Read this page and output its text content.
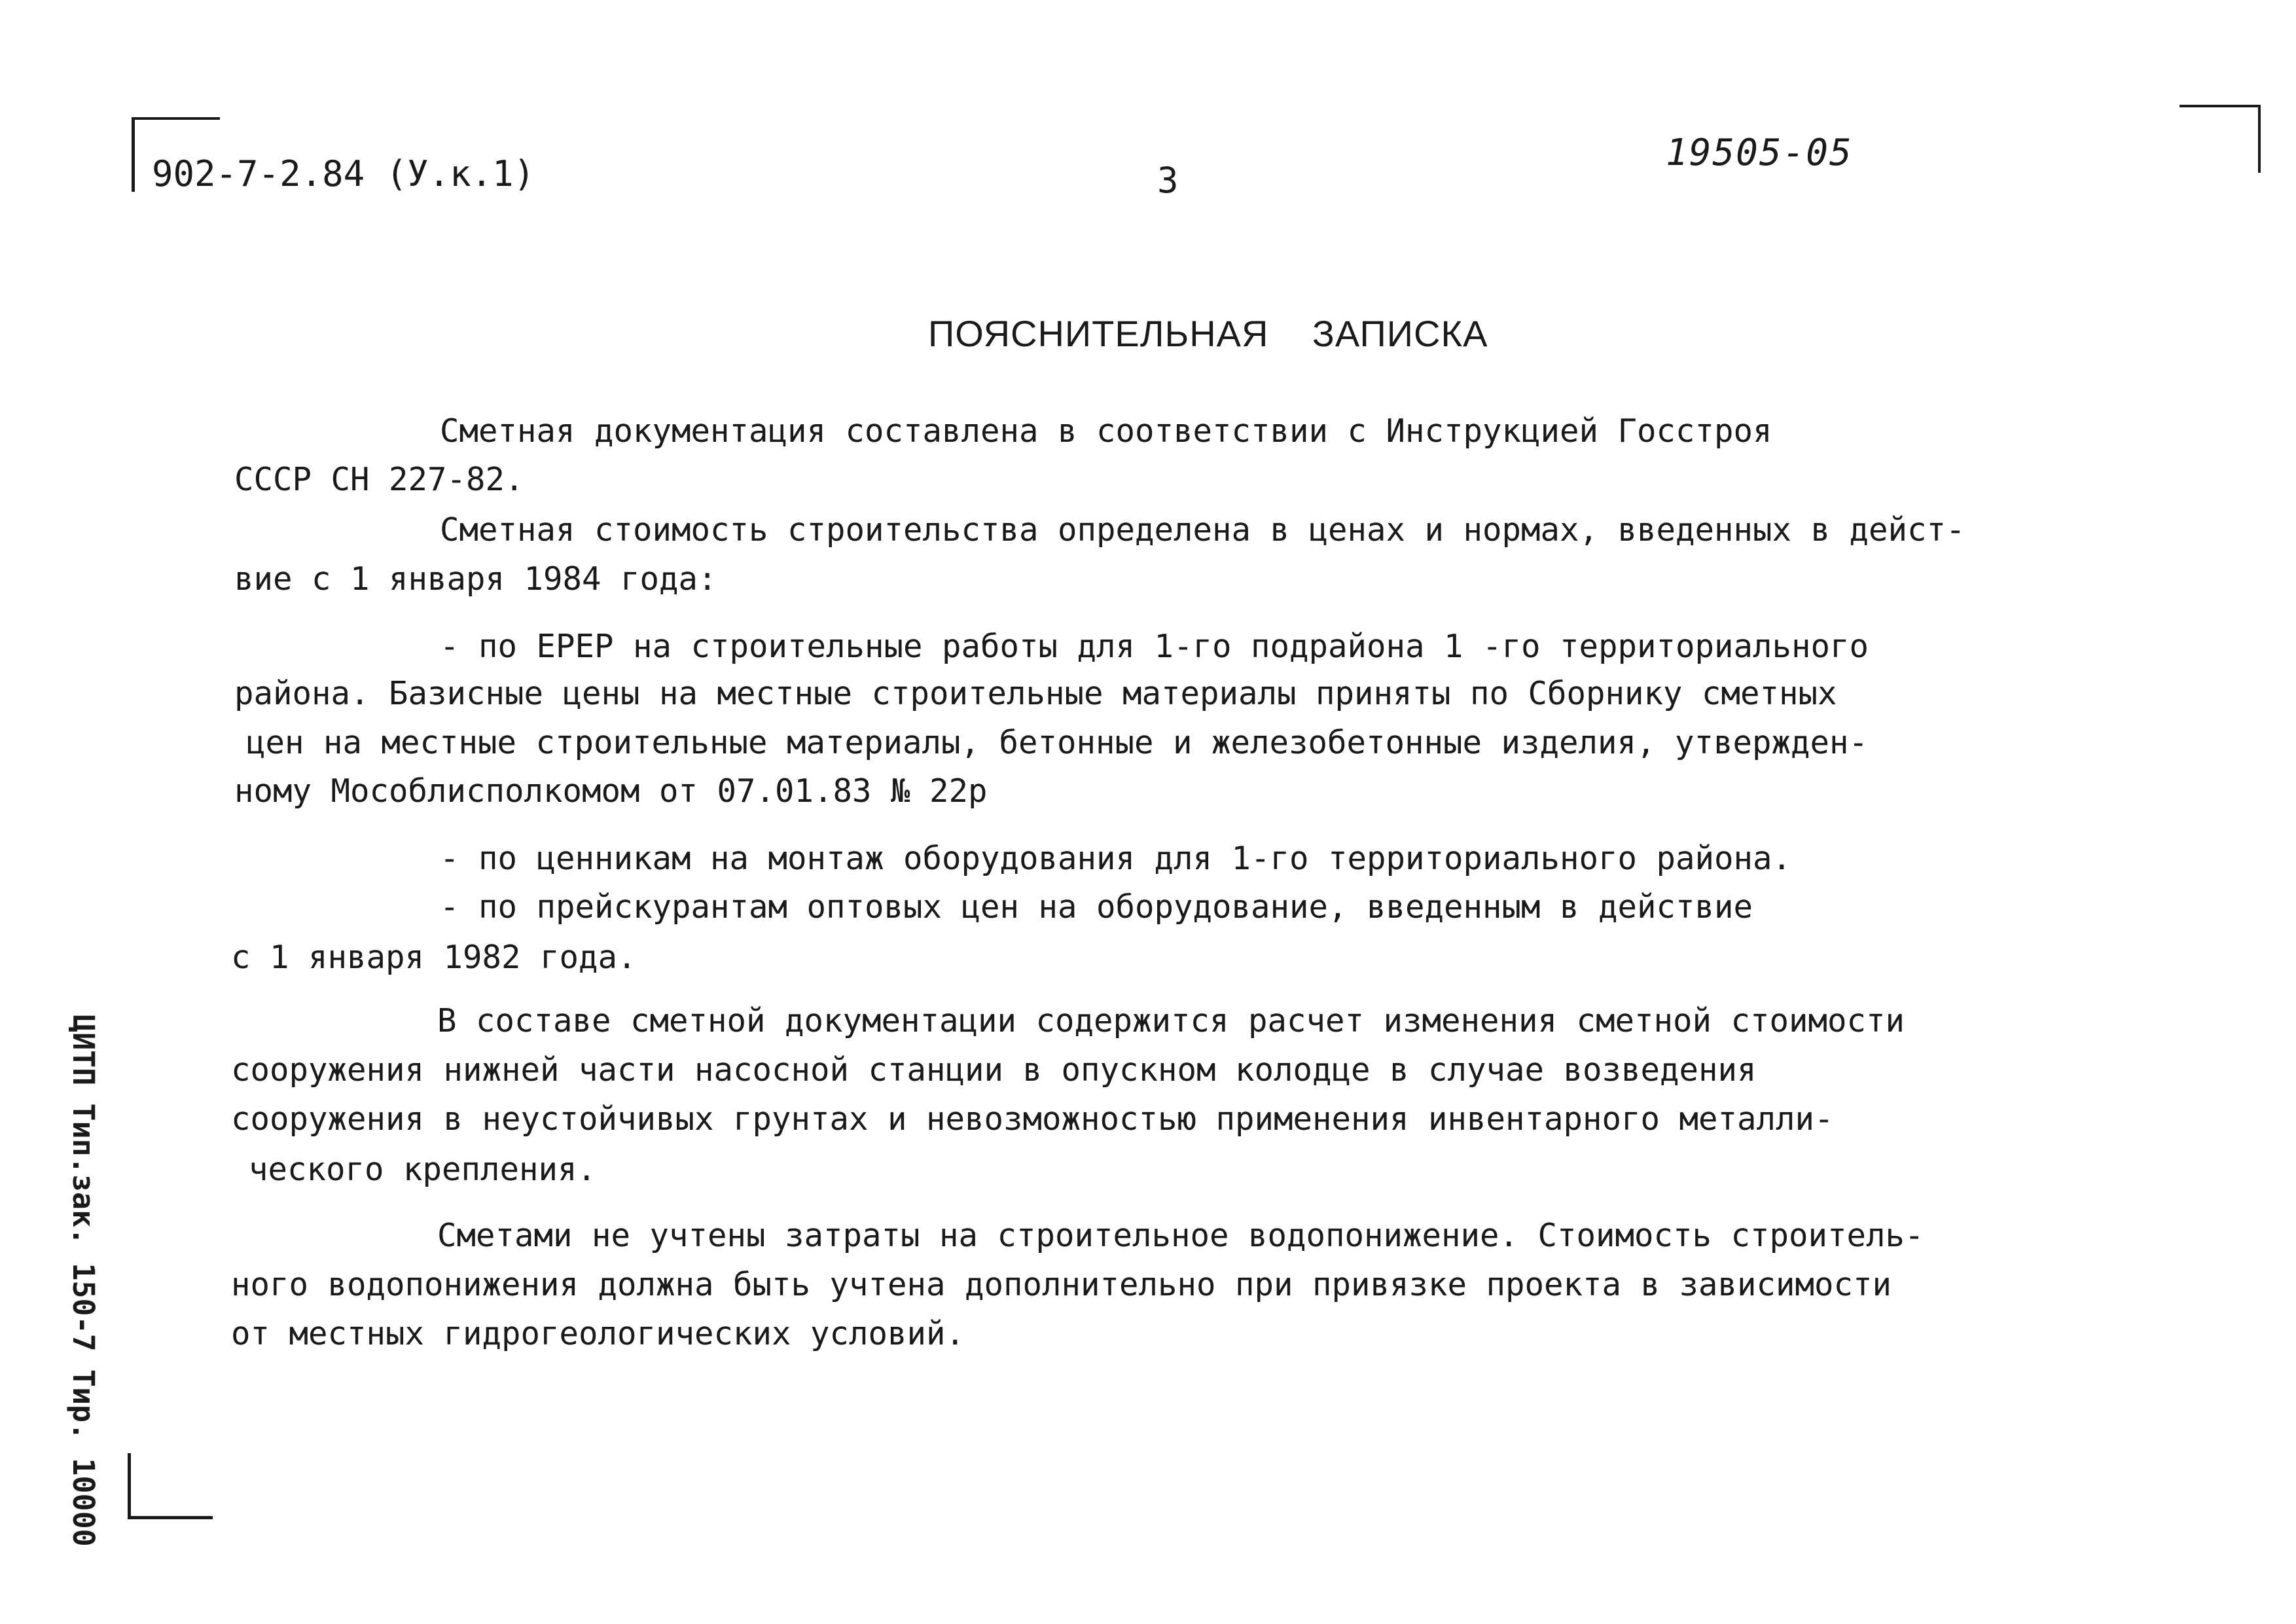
902-7-2.84 (У.к.1)	3
19505-05
ПОЯСНИТЕЛЬНАЯ ЗАПИСКА
Сметная документация составлена в соответствии с Инструкцией Госстроя
СССР СН 227-82.
Сметная стоимость строительства определена в ценах и нормах, введенных в дейст-
вие с 1 января 1984 года:
- по ЕРЕР на строительные работы для 1-го подрайона 1 -го территориального
района. Базисные цены на местные строительные материалы приняты по Сборнику сметных
цен на местные строительные материалы, бетонные и железобетонные изделия, утвержден-
ному Мособлисполкомом от 07.01.83 № 22р
- по ценникам на монтаж оборудования для 1-го территориального района.
- по прейскурантам оптовых цен на оборудование, введенным в действие
с 1 января 1982 года.
В составе сметной документации содержится расчет изменения сметной стоимости
сооружения нижней части насосной станции в опускном колодце в случае возведения
сооружения в неустойчивых грунтах и невозможностью применения инвентарного металли-
ческого крепления.
Сметами не учтены затраты на строительное водопонижение. Стоимость строитель-
ного водопонижения должна быть учтена дополнительно при привязке проекта в зависимости
от местных гидрогеологических условий.
ЦИТП Тип.зак. 150-7 Тир. 10000
